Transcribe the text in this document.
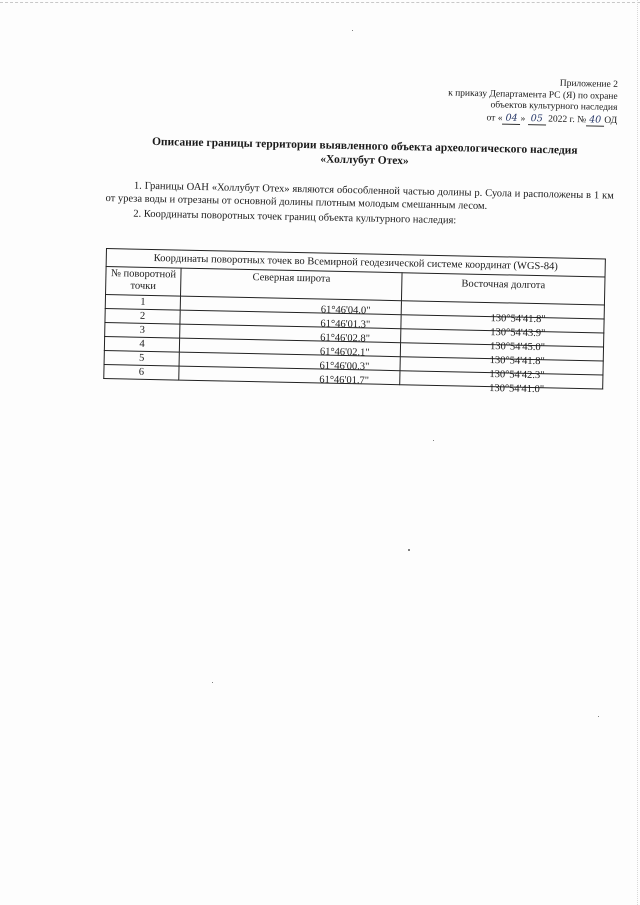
Приложение 2
к приказу Департамента РС (Я) по охране
объектов культурного наследия
от « 04 » 05 2022 г. № 40 ОД
Описание границы территории выявленного объекта археологического наследия
«Холлубут Отех»

1. Границы ОАН «Холлубут Отех» являются обособленной частью долины р. Суола и расположены в 1 км от уреза воды и отрезаны от основной долины плотным молодым смешанным лесом.

2. Координаты поворотных точек границ объекта культурного наследия:

Координаты поворотных точек во Всемирной геодезической системе координат (WGS-84)		
№ поворотной точки	Северная широта	Восточная долгота
1	61°46'04.0"	130°54'41.8"
2	61°46'01.3"	130°54'43.9"
3	61°46'02.8"	130°54'45.0"
4	61°46'02.1"	130°54'41.8"
5	61°46'00.3"	130°54'42.3"
6	61°46'01.7"	130°54'41.0"
